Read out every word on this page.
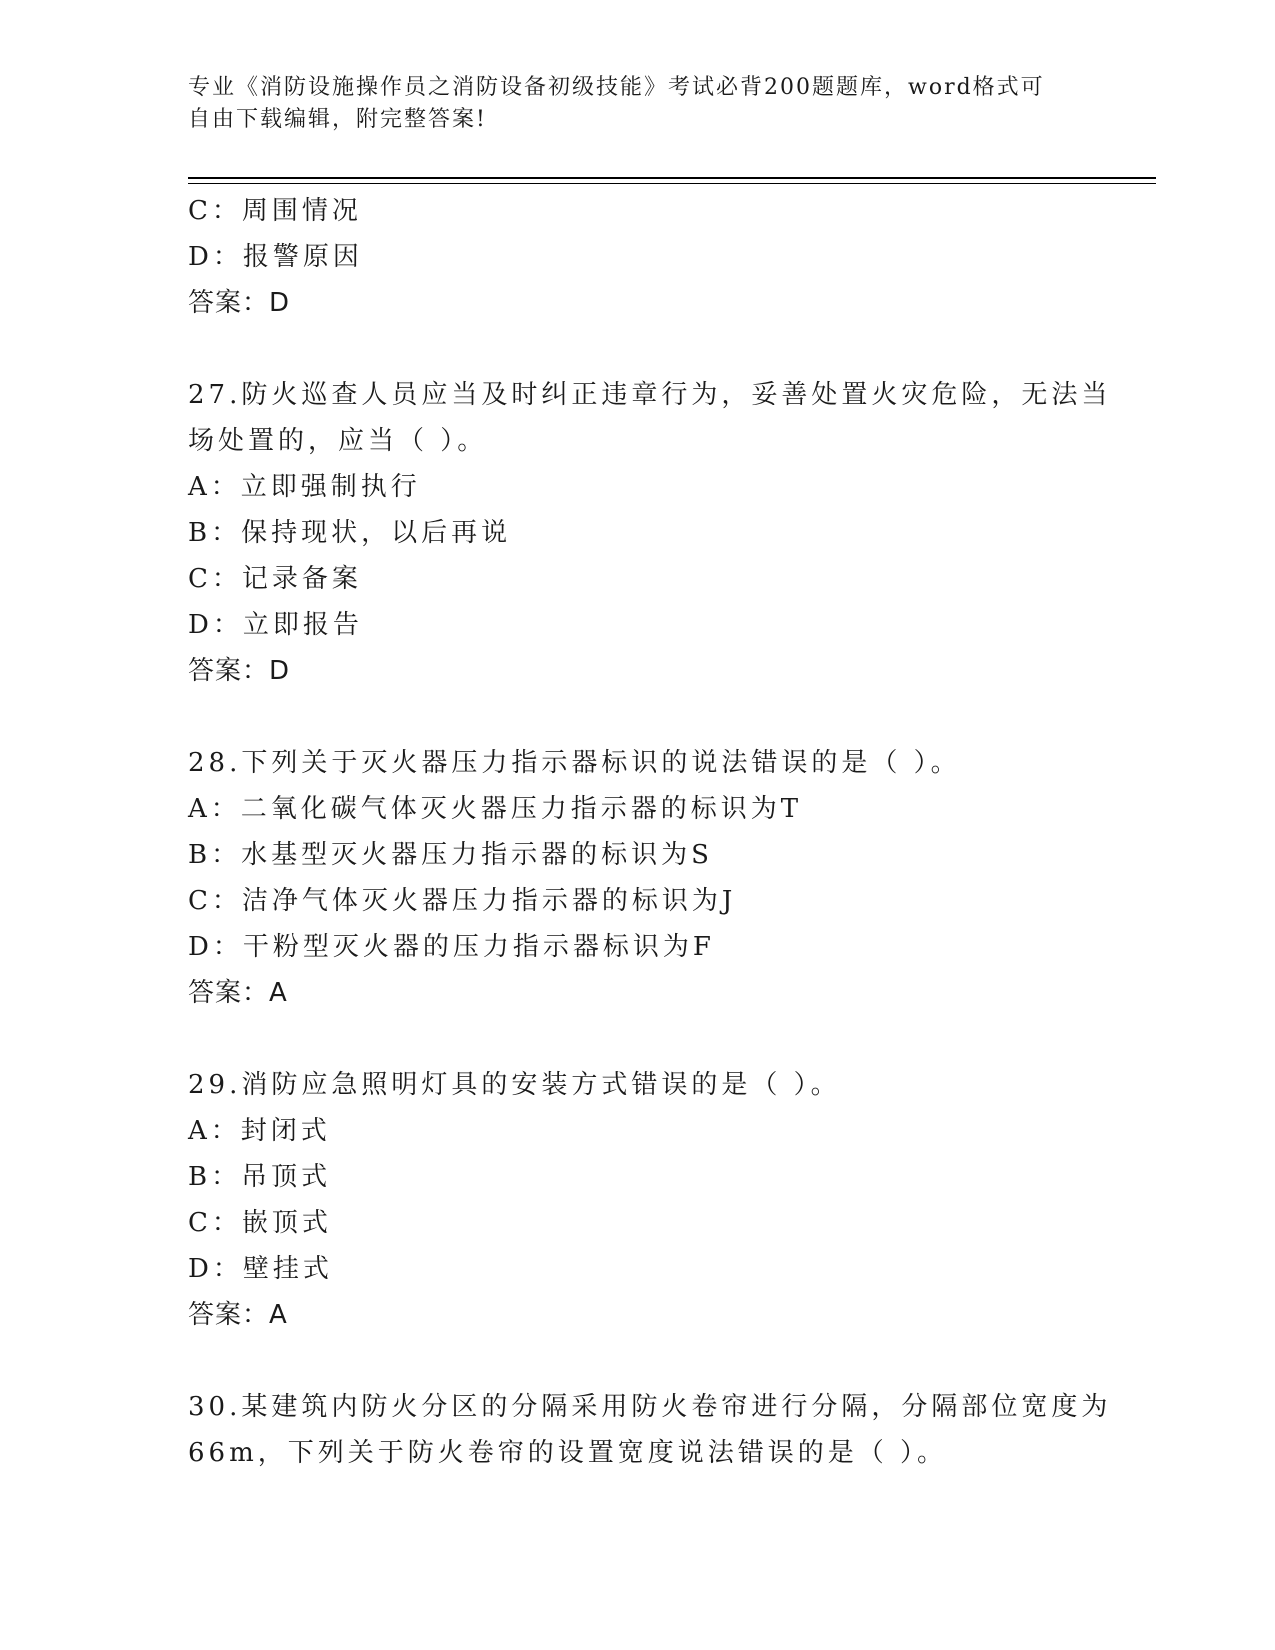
专业《消防设施操作员之消防设备初级技能》考试必背200题题库，word格式可
自由下载编辑，附完整答案!
C：周围情况
D：报警原因
答案：D
27.防火巡查人员应当及时纠正违章行为，妥善处置火灾危险，无法当
场处置的，应当（ ）。
A：立即强制执行
B：保持现状，以后再说
C：记录备案
D：立即报告
答案：D
28.下列关于灭火器压力指示器标识的说法错误的是（ ）。
A：二氧化碳气体灭火器压力指示器的标识为T
B：水基型灭火器压力指示器的标识为S
C：洁净气体灭火器压力指示器的标识为J
D：干粉型灭火器的压力指示器标识为F
答案：A
29.消防应急照明灯具的安装方式错误的是（ ）。
A：封闭式
B：吊顶式
C：嵌顶式
D：壁挂式
答案：A
30.某建筑内防火分区的分隔采用防火卷帘进行分隔，分隔部位宽度为
66m，下列关于防火卷帘的设置宽度说法错误的是（ ）。
